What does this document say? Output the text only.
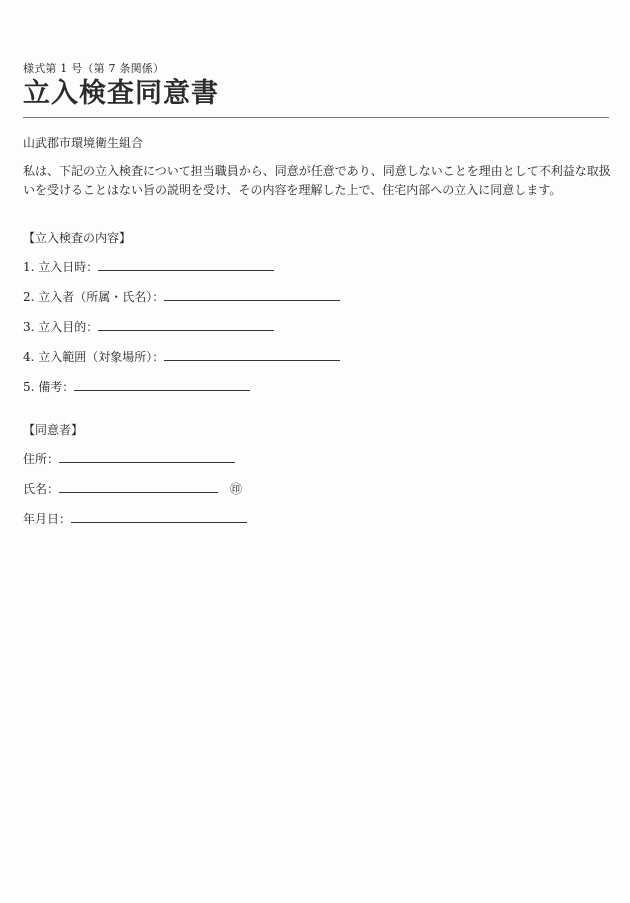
様式第 1 号（第 7 条関係）
立入検査同意書
山武郡市環境衛生組合
私は、下記の立入検査について担当職員から、同意が任意であり、同意しないことを理由として不利益な取扱いを受けることはない旨の説明を受け、その内容を理解した上で、住宅内部への立入に同意します。
【立入検査の内容】
1. 立入日時：
2. 立入者（所属・氏名）：
3. 立入目的：
4. 立入範囲（対象場所）：
5. 備考：
【同意者】
住所：
氏名：	㊞
年月日：
